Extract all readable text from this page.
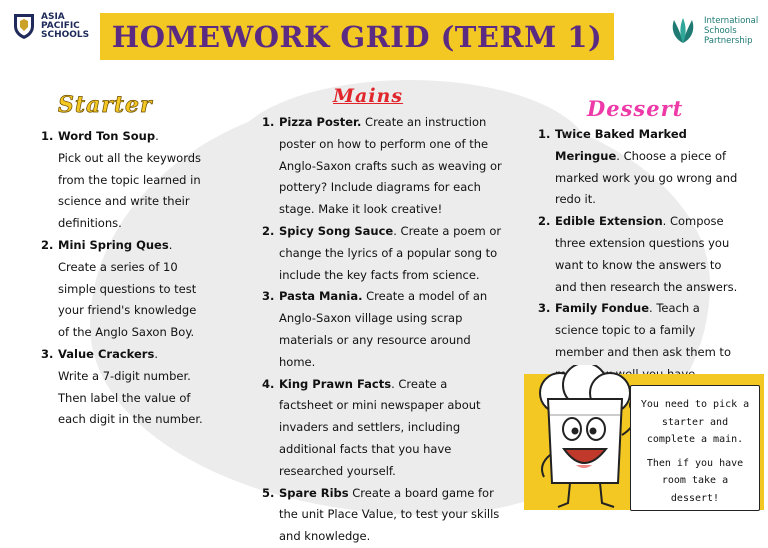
ASIA
PACIFIC
SCHOOLS HOMEWORK GRID (TERM 1)	International
Schools
Partnership
Starter	Mains	Dessert
1. Word Ton Soup.
Pick out all the keywords from the topic learned in science and write their definitions.
2. Mini Spring Ques.
Create a series of 10 simple questions to test your friend's knowledge of the Anglo Saxon Boy.
3. Value Crackers.
Write a 7-digit number. Then label the value of each digit in the number.
1. Pizza Poster. Create an instruction poster on how to perform one of the Anglo-Saxon crafts such as weaving or pottery? Include diagrams for each stage. Make it look creative!
2. Spicy Song Sauce. Create a poem or change the lyrics of a popular song to include the key facts from science.
3. Pasta Mania. Create a model of an Anglo-Saxon village using scrap materials or any resource around home.
4. King Prawn Facts. Create a factsheet or mini newspaper about invaders and settlers, including additional facts that you have researched yourself.
5. Spare Ribs Create a board game for the unit Place Value, to test your skills and knowledge.
1. Twice Baked Marked Meringue. Choose a piece of marked work you go wrong and redo it.
2. Edible Extension. Compose three extension questions you want to know the answers to and then research the answers.
3. Family Fondue. Teach a science topic to a family member and then ask them to

You need to pick a starter and complete a main.

Then if you have room take a dessert!
